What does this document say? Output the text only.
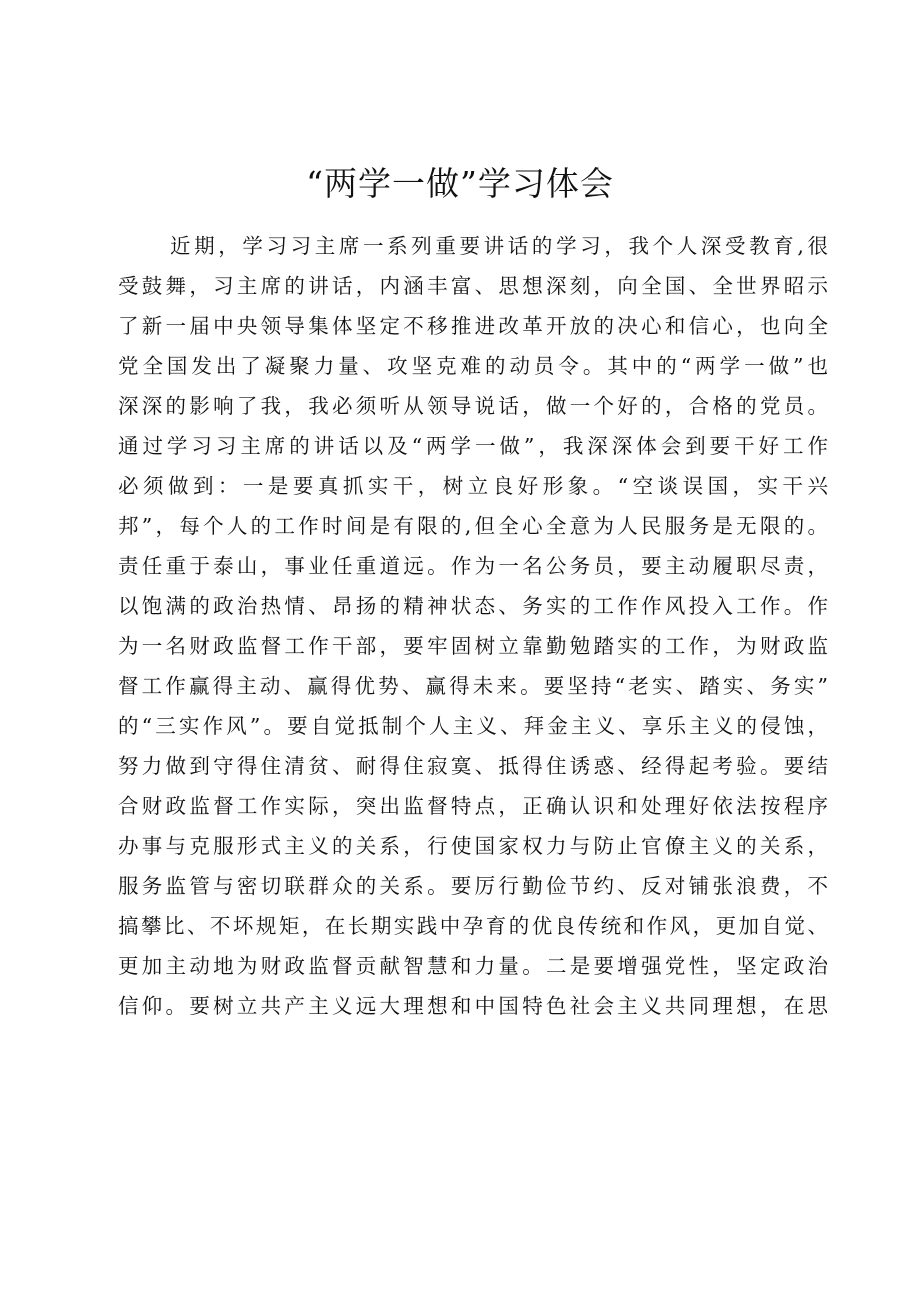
“两学一做”学习体会
近期，学习习主席一系列重要讲话的学习，我个人深受教育,很
受鼓舞，习主席的讲话，内涵丰富、思想深刻，向全国、全世界昭示
了新一届中央领导集体坚定不移推进改革开放的决心和信心，也向全
党全国发出了凝聚力量、攻坚克难的动员令。其中的“两学一做”也
深深的影响了我，我必须听从领导说话，做一个好的，合格的党员。
通过学习习主席的讲话以及“两学一做”，我深深体会到要干好工作
必须做到：一是要真抓实干，树立良好形象。“空谈误国，实干兴
邦”，每个人的工作时间是有限的,但全心全意为人民服务是无限的。
责任重于泰山，事业任重道远。作为一名公务员，要主动履职尽责，
以饱满的政治热情、昂扬的精神状态、务实的工作作风投入工作。作
为一名财政监督工作干部，要牢固树立靠勤勉踏实的工作，为财政监
督工作赢得主动、赢得优势、赢得未来。要坚持“老实、踏实、务实”
的“三实作风”。要自觉抵制个人主义、拜金主义、享乐主义的侵蚀，
努力做到守得住清贫、耐得住寂寞、抵得住诱惑、经得起考验。要结
合财政监督工作实际，突出监督特点，正确认识和处理好依法按程序
办事与克服形式主义的关系，行使国家权力与防止官僚主义的关系，
服务监管与密切联群众的关系。要厉行勤俭节约、反对铺张浪费，不
搞攀比、不坏规矩，在长期实践中孕育的优良传统和作风，更加自觉、
更加主动地为财政监督贡献智慧和力量。二是要增强党性，坚定政治
信仰。要树立共产主义远大理想和中国特色社会主义共同理想，在思
